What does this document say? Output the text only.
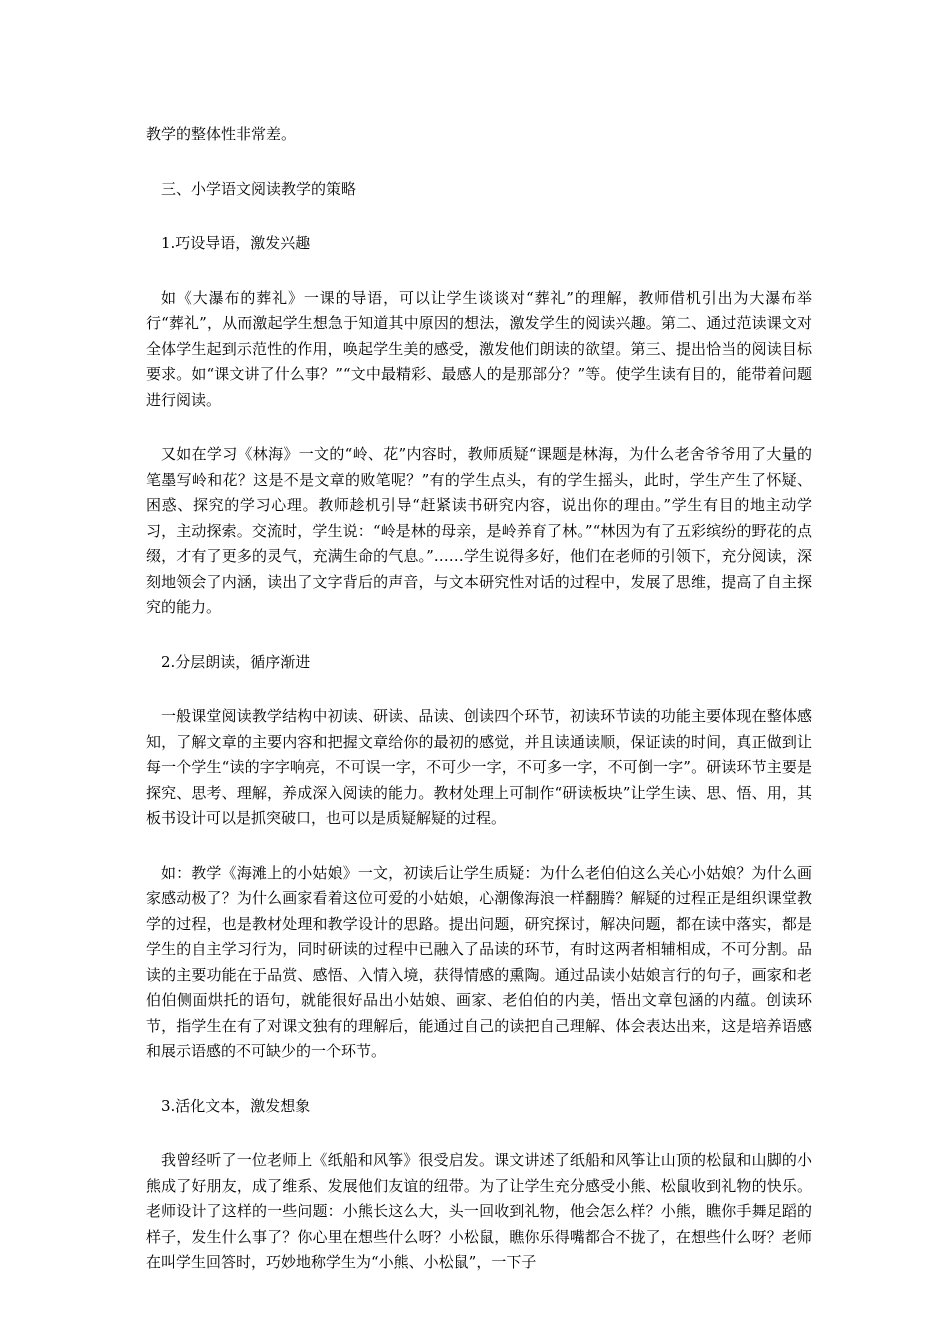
教学的整体性非常差。

三、小学语文阅读教学的策略

1.巧设导语，激发兴趣

如《大瀑布的葬礼》一课的导语，可以让学生谈谈对“葬礼”的理解，教师借机引出为大瀑布举行“葬礼”，从而激起学生想急于知道其中原因的想法，激发学生的阅读兴趣。第二、通过范读课文对全体学生起到示范性的作用，唤起学生美的感受，激发他们朗读的欲望。第三、提出恰当的阅读目标要求。如“课文讲了什么事？”“文中最精彩、最感人的是那部分？”等。使学生读有目的，能带着问题进行阅读。

又如在学习《林海》一文的“岭、花”内容时，教师质疑“课题是林海，为什么老舍爷爷用了大量的笔墨写岭和花？这是不是文章的败笔呢？”有的学生点头，有的学生摇头，此时，学生产生了怀疑、困惑、探究的学习心理。教师趁机引导“赶紧读书研究内容，说出你的理由。”学生有目的地主动学习，主动探索。交流时，学生说：“岭是林的母亲，是岭养育了林。”“林因为有了五彩缤纷的野花的点缀，才有了更多的灵气，充满生命的气息。”……学生说得多好，他们在老师的引领下，充分阅读，深刻地领会了内涵，读出了文字背后的声音，与文本研究性对话的过程中，发展了思维，提高了自主探究的能力。

2.分层朗读，循序渐进

一般课堂阅读教学结构中初读、研读、品读、创读四个环节，初读环节读的功能主要体现在整体感知，了解文章的主要内容和把握文章给你的最初的感觉，并且读通读顺，保证读的时间，真正做到让每一个学生“读的字字响亮，不可误一字，不可少一字，不可多一字，不可倒一字”。研读环节主要是探究、思考、理解，养成深入阅读的能力。教材处理上可制作“研读板块”让学生读、思、悟、用，其板书设计可以是抓突破口，也可以是质疑解疑的过程。

如：教学《海滩上的小姑娘》一文，初读后让学生质疑：为什么老伯伯这么关心小姑娘？为什么画家感动极了？为什么画家看着这位可爱的小姑娘，心潮像海浪一样翻腾？解疑的过程正是组织课堂教学的过程，也是教材处理和教学设计的思路。提出问题，研究探讨，解决问题，都在读中落实，都是学生的自主学习行为，同时研读的过程中已融入了品读的环节，有时这两者相辅相成，不可分割。品读的主要功能在于品赏、感悟、入情入境，获得情感的熏陶。通过品读小姑娘言行的句子，画家和老伯伯侧面烘托的语句，就能很好品出小姑娘、画家、老伯伯的内美，悟出文章包涵的内蕴。创读环节，指学生在有了对课文独有的理解后，能通过自己的读把自己理解、体会表达出来，这是培养语感和展示语感的不可缺少的一个环节。

3.活化文本，激发想象

我曾经听了一位老师上《纸船和风筝》很受启发。课文讲述了纸船和风筝让山顶的松鼠和山脚的小熊成了好朋友，成了维系、发展他们友谊的纽带。为了让学生充分感受小熊、松鼠收到礼物的快乐。老师设计了这样的一些问题：小熊长这么大，头一回收到礼物，他会怎么样？小熊，瞧你手舞足蹈的样子，发生什么事了？你心里在想些什么呀？小松鼠，瞧你乐得嘴都合不拢了，在想些什么呀？老师在叫学生回答时，巧妙地称学生为“小熊、小松鼠”，一下子
